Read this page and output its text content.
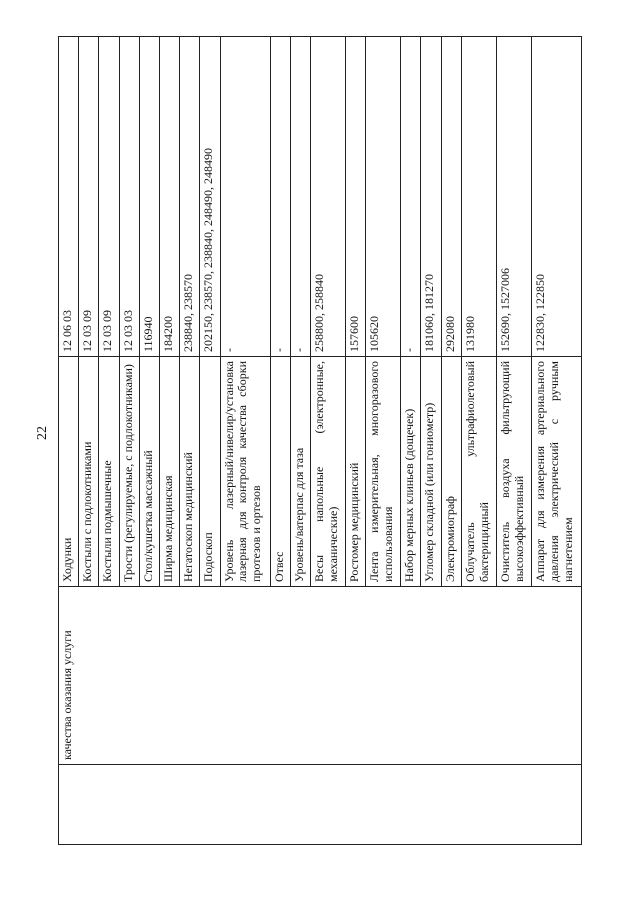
22
	качества оказания услуги	Ходунки	12 06 03
		Костыли с подлокотниками	12 03 09
		Костыли подмышечные	12 03 09
		Трости (регулируемые, с подлокотниками)	12 03 03
		Стол/кушетка массажный	116940
		Ширма медицинская	184200
		Негатоскоп медицинский	238840, 238570
		Подоскоп	202150, 238570, 238840, 248490, 248490
		Уровень лазерный/нивелир/установка лазерная для контроля качества сборки протезов и ортезов	-
		Отвес	-
		Уровень/ватерпас для таза	-
		Весы напольные (электронные, механические)	258800, 258840
		Ростомер медицинский	157600
		Лента измерительная, многоразового использования	105620
		Набор мерных клиньев (дощечек)	-
		Угломер складной (или гониометр)	181060, 181270
		Электромиограф	292080
		Облучатель ультрафиолетовый бактерицидный	131980
		Очиститель воздуха фильтрующий высокоэффективный	152690, 1527006
		Аппарат для измерения артериального давления электрический с ручным нагнетением	122830, 122850
